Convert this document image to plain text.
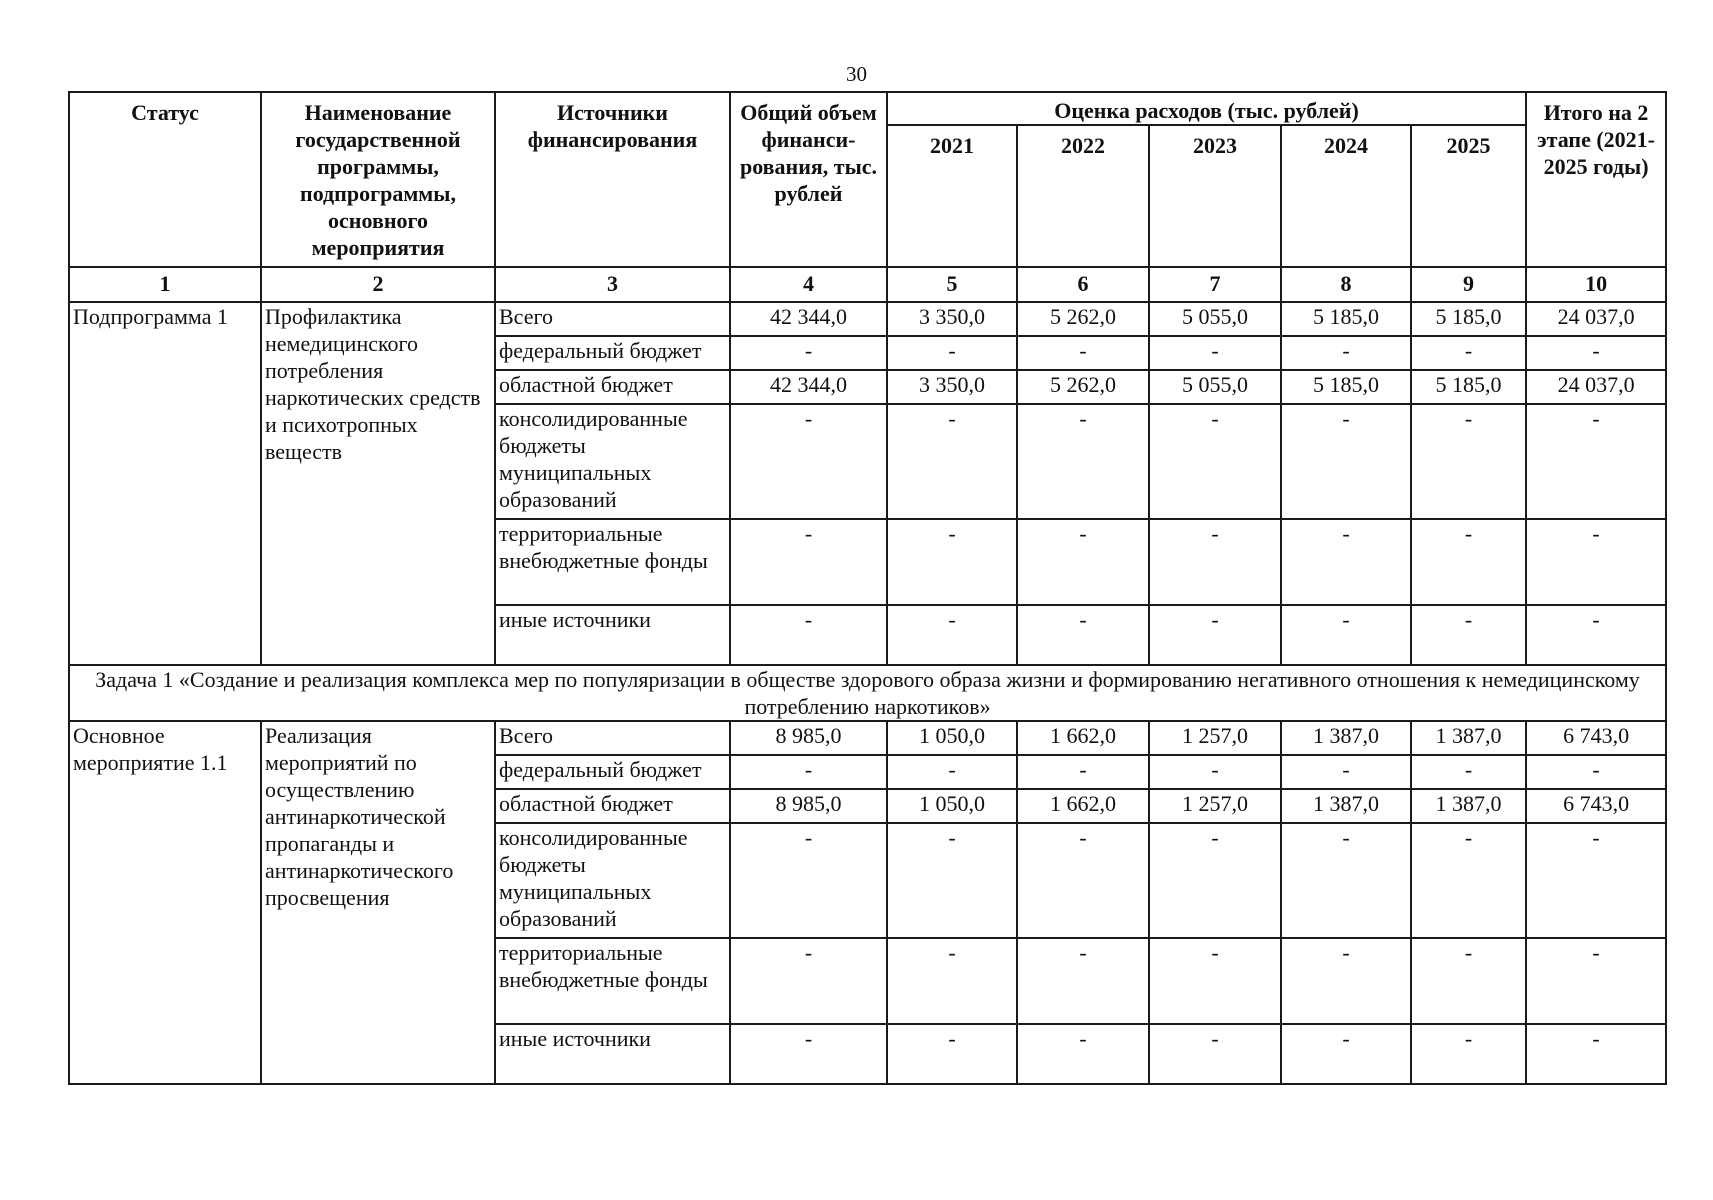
30
Статус	Наименование государственной программы, подпрограммы, основного мероприятия	Источники финансирования	Общий объем финанси-рования, тыс. рублей	Оценка расходов (тыс. рублей)					Итого на 2 этапе (2021-2025 годы)
				2021	2022	2023	2024	2025	
1	2	3	4	5	6	7	8	9	10
Подпрограмма 1	Профилактика немедицинского потребления наркотических средств и психотропных веществ	Всего	42 344,0	3 350,0	5 262,0	5 055,0	5 185,0	5 185,0	24 037,0
		федеральный бюджет	-	-	-	-	-	-	-
		областной бюджет	42 344,0	3 350,0	5 262,0	5 055,0	5 185,0	5 185,0	24 037,0
		консолидированные бюджеты муниципальных образований	-	-	-	-	-	-	-
		территориальные внебюджетные фонды	-	-	-	-	-	-	-
		иные источники	-	-	-	-	-	-	-
Задача 1 «Создание и реализация комплекса мер по популяризации в обществе здорового образа жизни и формированию негативного отношения к немедицинскому потреблению наркотиков»									
Основное мероприятие 1.1	Реализация мероприятий по осуществлению антинаркотической пропаганды и антинаркотического просвещения	Всего	8 985,0	1 050,0	1 662,0	1 257,0	1 387,0	1 387,0	6 743,0
		федеральный бюджет	-	-	-	-	-	-	-
		областной бюджет	8 985,0	1 050,0	1 662,0	1 257,0	1 387,0	1 387,0	6 743,0
		консолидированные бюджеты муниципальных образований	-	-	-	-	-	-	-
		территориальные внебюджетные фонды	-	-	-	-	-	-	-
		иные источники	-	-	-	-	-	-	-
